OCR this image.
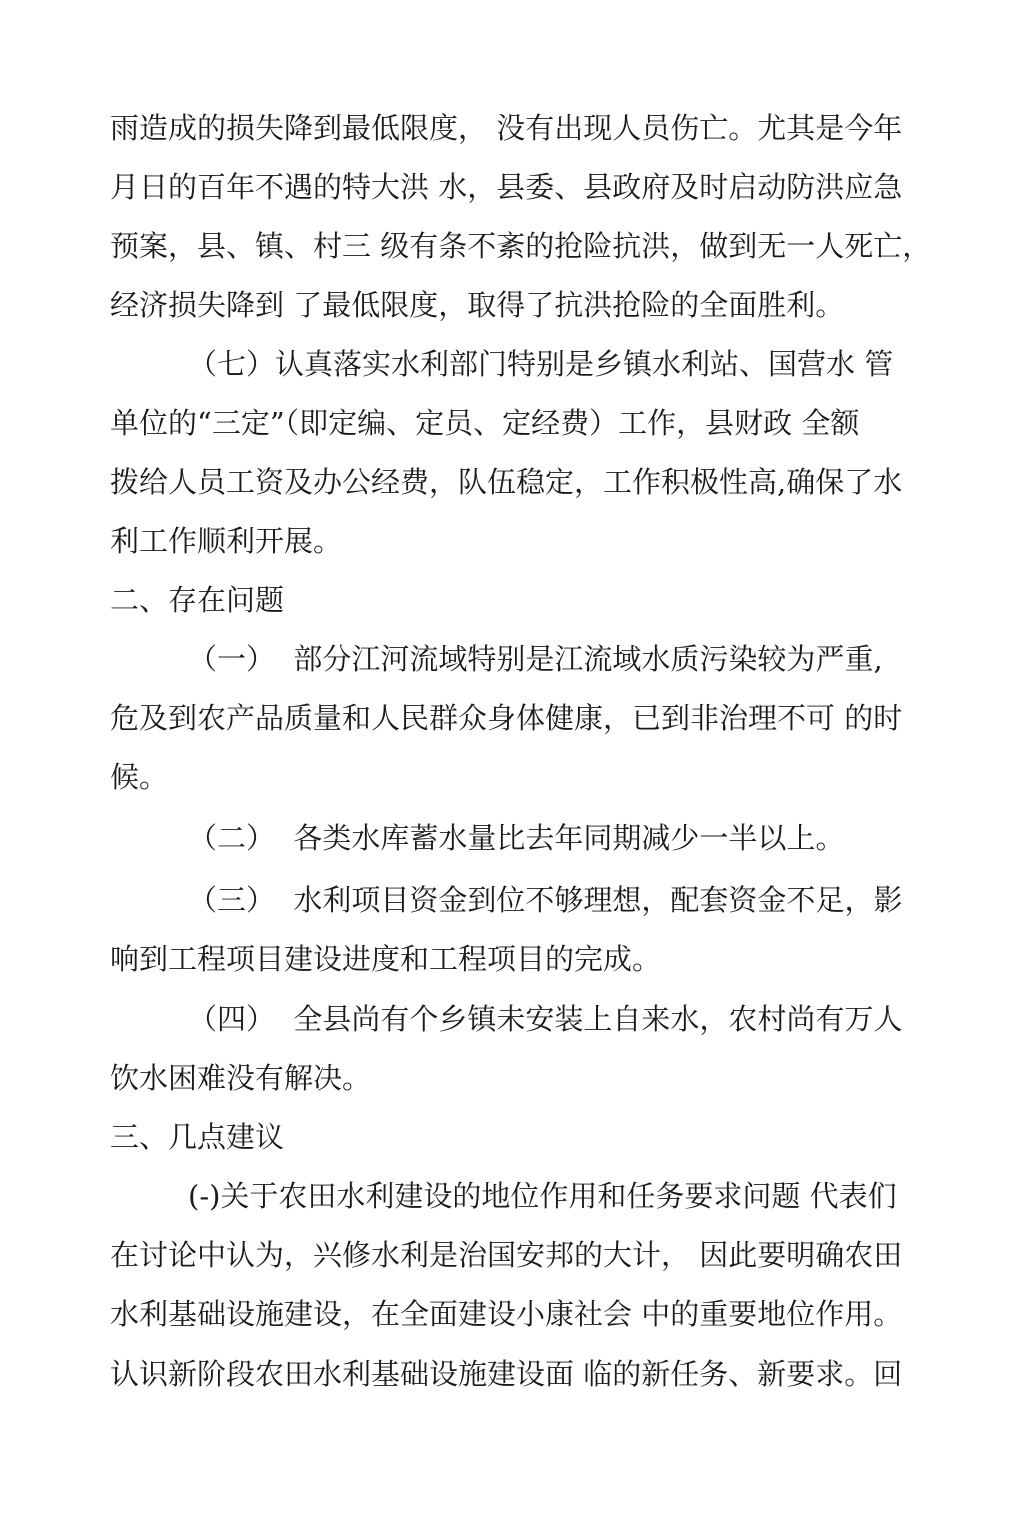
雨造成的损失降到最低限度， 没有出现人员伤亡。尤其是今年
月日的百年不遇的特大洪 水，县委、县政府及时启动防洪应急
预案，县、镇、村三 级有条不紊的抢险抗洪，做到无一人死亡，
经济损失降到 了最低限度，取得了抗洪抢险的全面胜利。
（七）认真落实水利部门特别是乡镇水利站、国营水 管
单位的“三定”（即定编、定员、定经费）工作，县财政 全额
拨给人员工资及办公经费，队伍稳定，工作积极性高,确保了水
利工作顺利开展。
二、存在问题
（一）  部分江河流域特别是江流域水质污染较为严重,
危及到农产品质量和人民群众身体健康，已到非治理不可 的时
候。
（二）  各类水库蓄水量比去年同期减少一半以上。
（三）  水利项目资金到位不够理想，配套资金不足，影
响到工程项目建设进度和工程项目的完成。
（四）  全县尚有个乡镇未安装上自来水，农村尚有万人
饮水困难没有解决。
三、几点建议
(-)关于农田水利建设的地位作用和任务要求问题 代表们
在讨论中认为，兴修水利是治国安邦的大计， 因此要明确农田
水利基础设施建设，在全面建设小康社会 中的重要地位作用。
认识新阶段农田水利基础设施建设面 临的新任务、新要求。回
